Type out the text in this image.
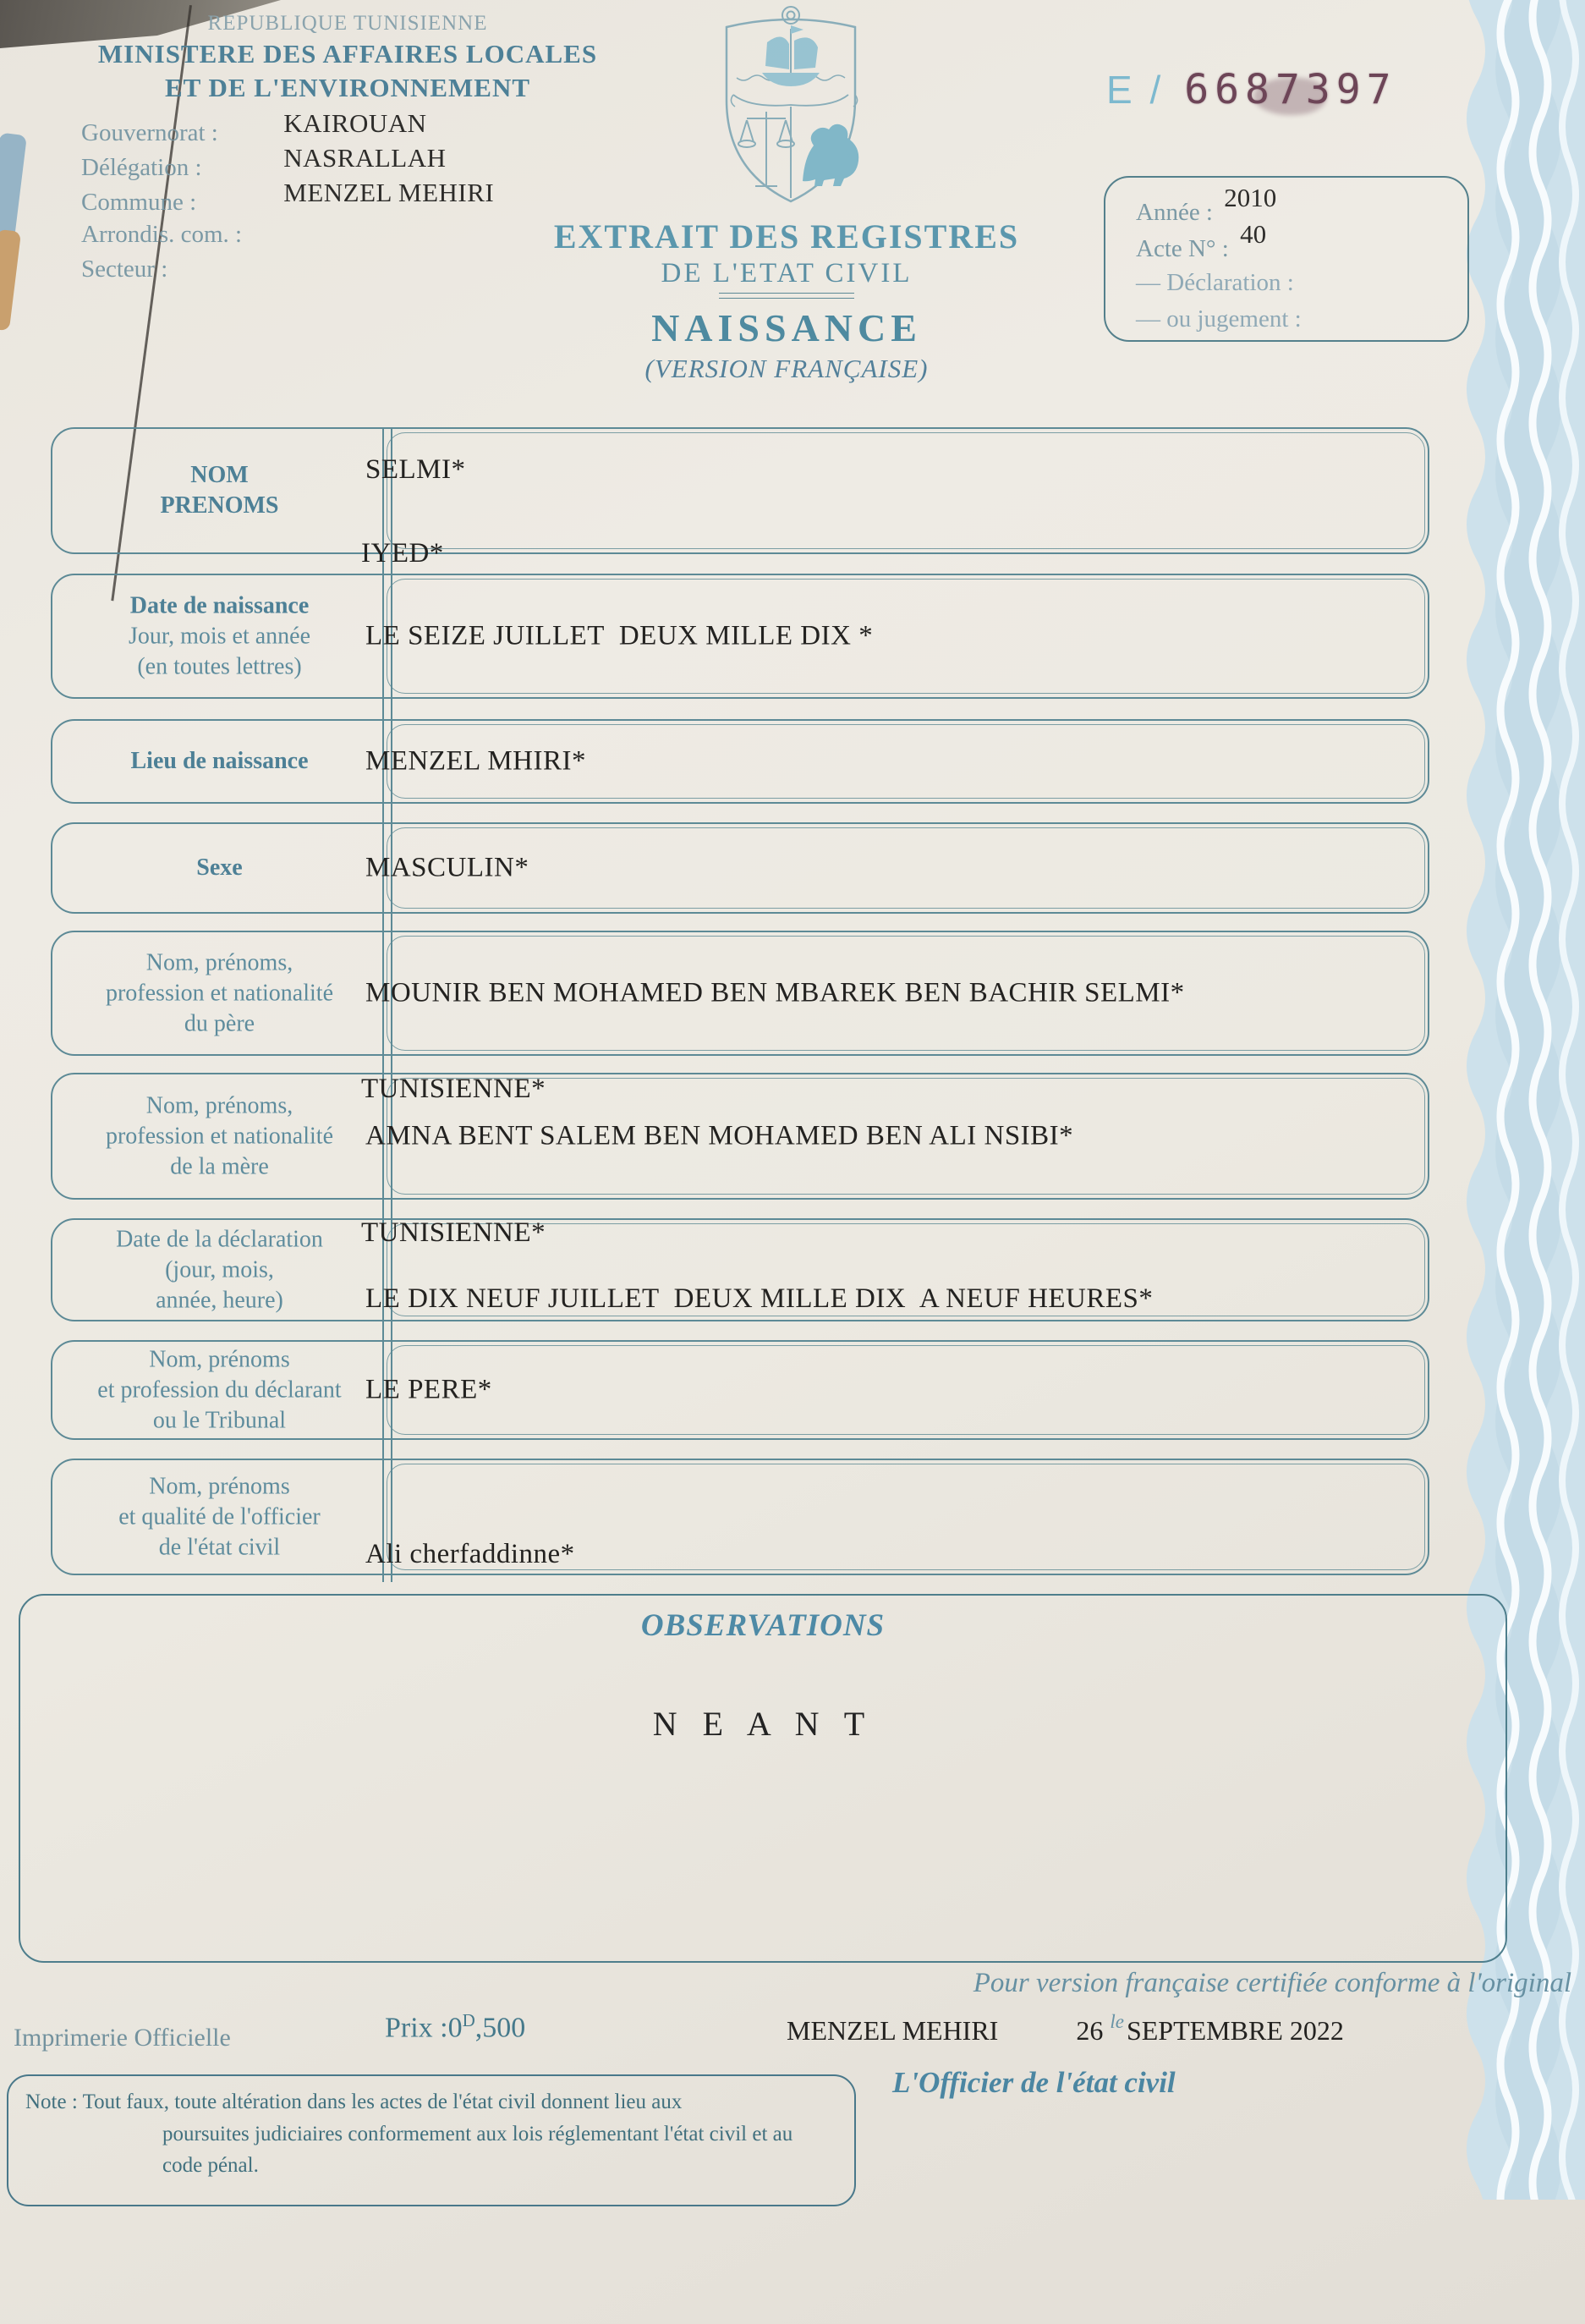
REPUBLIQUE TUNISIENNE
MINISTERE DES AFFAIRES LOCALES
ET DE L'ENVIRONNEMENT
Gouvernorat : KAIROUAN
Délégation :	NASRALLAH
Commune :	MENZEL MEHIRI
Arrondis. com. :
Secteur :
E / 6687397
Année : 2010
Acte N° : 40
— Déclaration :
— ou jugement :
EXTRAIT DES REGISTRES
DE L'ETAT CIVIL
NAISSANCE
(VERSION FRANÇAISE)
NOM
PRENOMS
SELMI*
IYED*
Date de naissance
Jour, mois et année
(en toutes lettres)
LE SEIZE JUILLET  DEUX MILLE DIX *
Lieu de naissance	MENZEL MHIRI*
Sexe	MASCULIN*
Nom, prénoms,
profession et nationalité
du père
MOUNIR BEN MOHAMED BEN MBAREK BEN BACHIR SELMI*
TUNISIENNE*
Nom, prénoms,
profession et nationalité
de la mère
AMNA BENT SALEM BEN MOHAMED BEN ALI NSIBI*
TUNISIENNE*
Date de la déclaration
(jour, mois,
année, heure)	LE DIX NEUF JUILLET  DEUX MILLE DIX  A NEUF HEURES*
Nom, prénoms
et profession du déclarant
ou le Tribunal
LE PERE*
Nom, prénoms
et qualité de l'officier
de l'état civil	Ali cherfaddinne*
OBSERVATIONS
N E A N T
Pour version française certifiée conforme à l'original
MENZEL MEHIRI	26 $^{le}$SEPTEMBRE 2022
L'Officier de l'état civil
Imprimerie Officielle	Prix $:0^D,500$
Note : Tout faux, toute altération dans les actes de l'état civil donnent lieu aux
poursuites judiciaires conformement aux lois réglementant l'état civil et au
code pénal.
